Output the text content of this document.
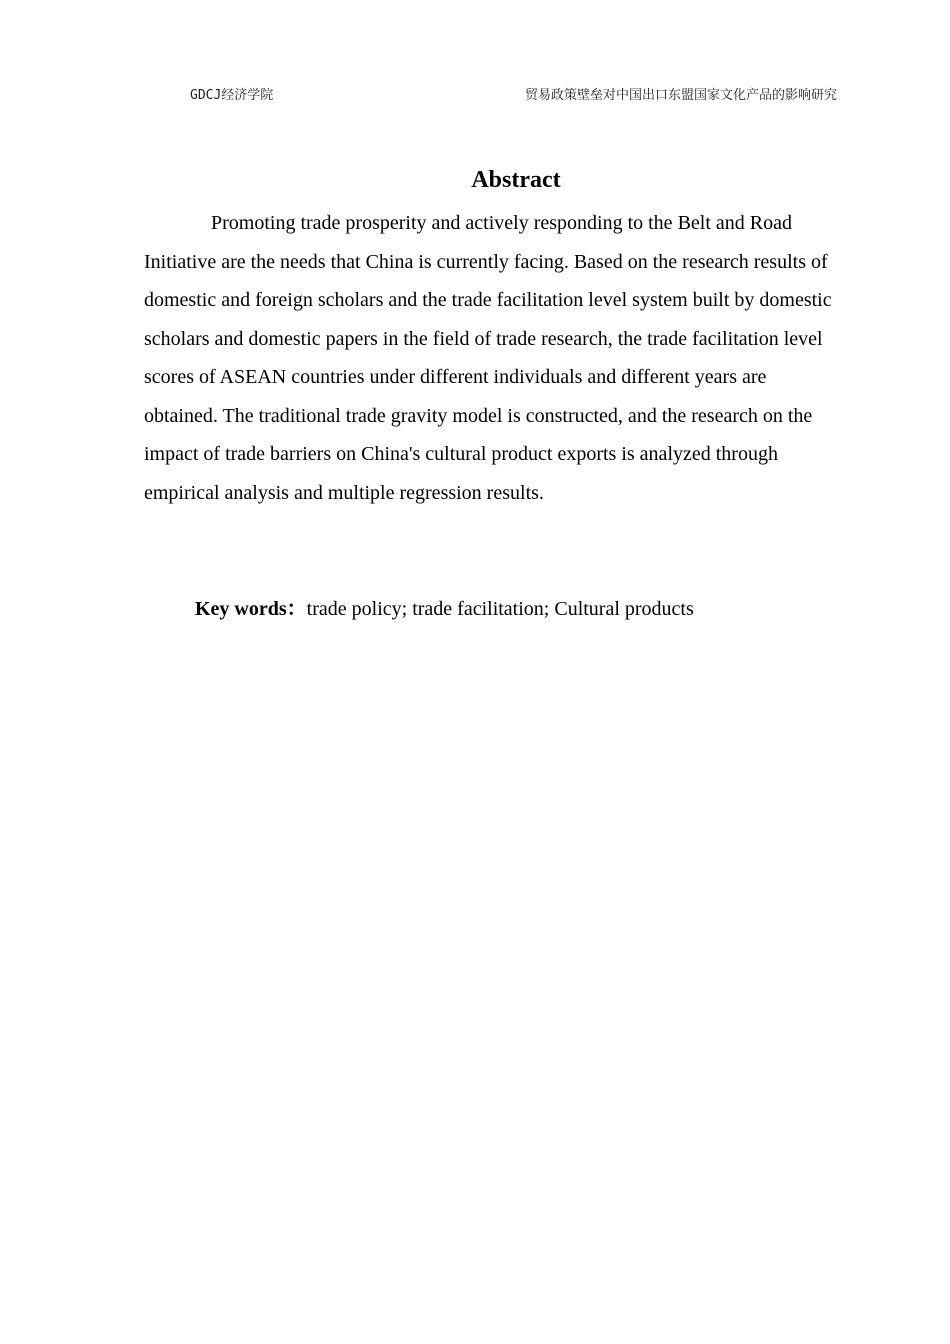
GDCJ经济学院	贸易政策壁垒对中国出口东盟国家文化产品的影响研究
Abstract

Promoting trade prosperity and actively responding to the Belt and Road Initiative are the needs that China is currently facing. Based on the research results of domestic and foreign scholars and the trade facilitation level system built by domestic scholars and domestic papers in the field of trade research, the trade facilitation level scores of ASEAN countries under different individuals and different years are obtained. The traditional trade gravity model is constructed, and the research on the impact of trade barriers on China's cultural product exports is analyzed through empirical analysis and multiple regression results.

Key words：trade policy; trade facilitation; Cultural products
